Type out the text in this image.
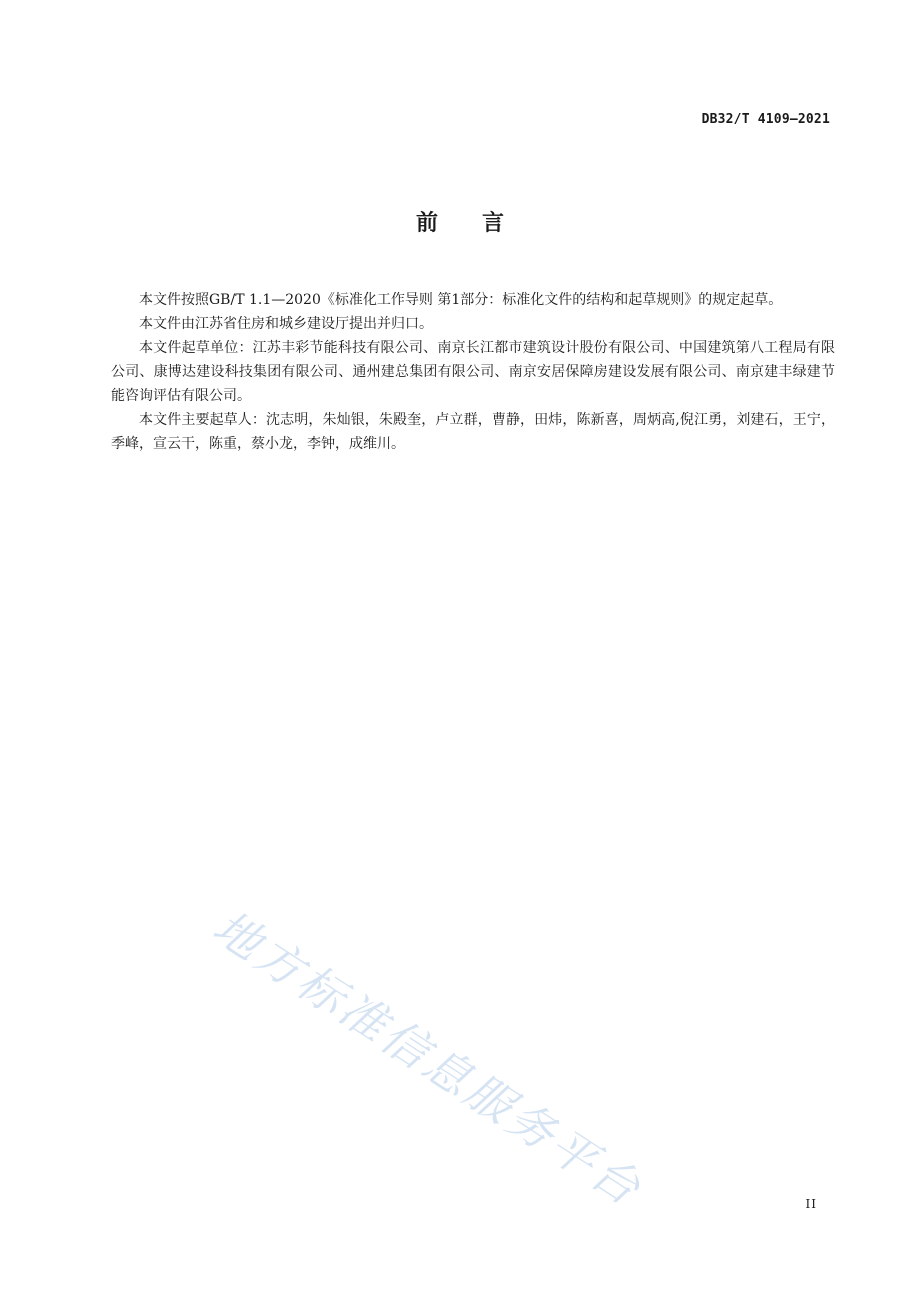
DB32/T 4109—2021
前 言

本文件按照GB/T 1.1—2020《标准化工作导则 第1部分：标准化文件的结构和起草规则》的规定起草。

本文件由江苏省住房和城乡建设厅提出并归口。

本文件起草单位：江苏丰彩节能科技有限公司、南京长江都市建筑设计股份有限公司、中国建筑第八工程局有限公司、康博达建设科技集团有限公司、通州建总集团有限公司、南京安居保障房建设发展有限公司、南京建丰绿建节能咨询评估有限公司。

本文件主要起草人：沈志明，朱灿银，朱殿奎，卢立群，曹静，田炜，陈新喜，周炳高,倪江勇，刘建石，王宁，季峰，宣云干，陈重，蔡小龙，李钟，成维川。

地方标准信息服务平台	II
